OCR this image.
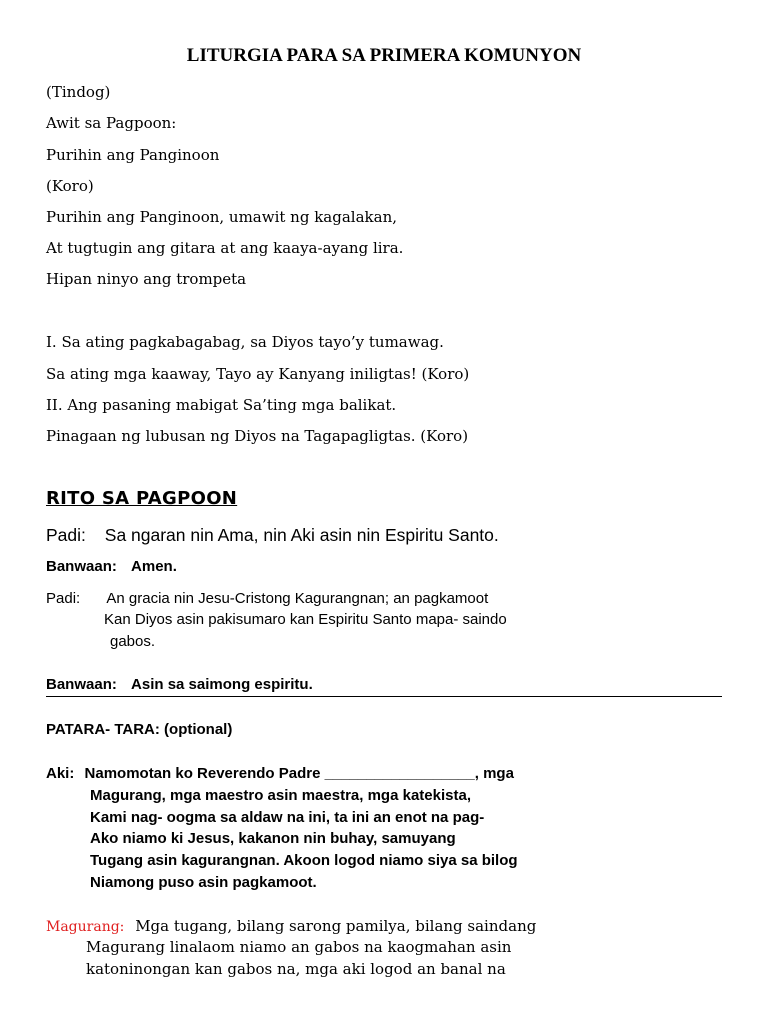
LITURGIA PARA SA PRIMERA KOMUNYON
(Tindog)
Awit sa Pagpoon:
Purihin ang Panginoon
(Koro)
Purihin ang Panginoon, umawit ng kagalakan,
At tugtugin ang gitara at ang kaaya-ayang lira.
Hipan ninyo ang trompeta
I. Sa ating pagkabagabag, sa Diyos tayo’y tumawag.
Sa ating mga kaaway, Tayo ay Kanyang iniligtas! (Koro)
II. Ang pasaning mabigat Sa’ting mga balikat.
Pinagaan ng lubusan ng Diyos na Tagapagligtas. (Koro)
RITO SA PAGPOON
Padi: Sa ngaran nin Ama, nin Aki asin nin Espiritu Santo.
Banwaan: Amen.
Padi: An gracia nin Jesu-Cristong Kagurangnan; an pagkamoot
Kan Diyos asin pakisumaro kan Espiritu Santo mapa- saindo
gabos.
Banwaan: Asin sa saimong espiritu.
PATARA- TARA: (optional)
Aki: Namomotan ko Reverendo Padre __________________, mga
Magurang, mga maestro asin maestra, mga katekista,
Kami nag- oogma sa aldaw na ini, ta ini an enot na pag-
Ako niamo ki Jesus, kakanon nin buhay, samuyang
Tugang asin kagurangnan. Akoon logod niamo siya sa bilog
Niamong puso asin pagkamoot.
Magurang: Mga tugang, bilang sarong pamilya, bilang saindang
Magurang linalaom niamo an gabos na kaogmahan asin
katoninongan kan gabos na, mga aki logod an banal na
